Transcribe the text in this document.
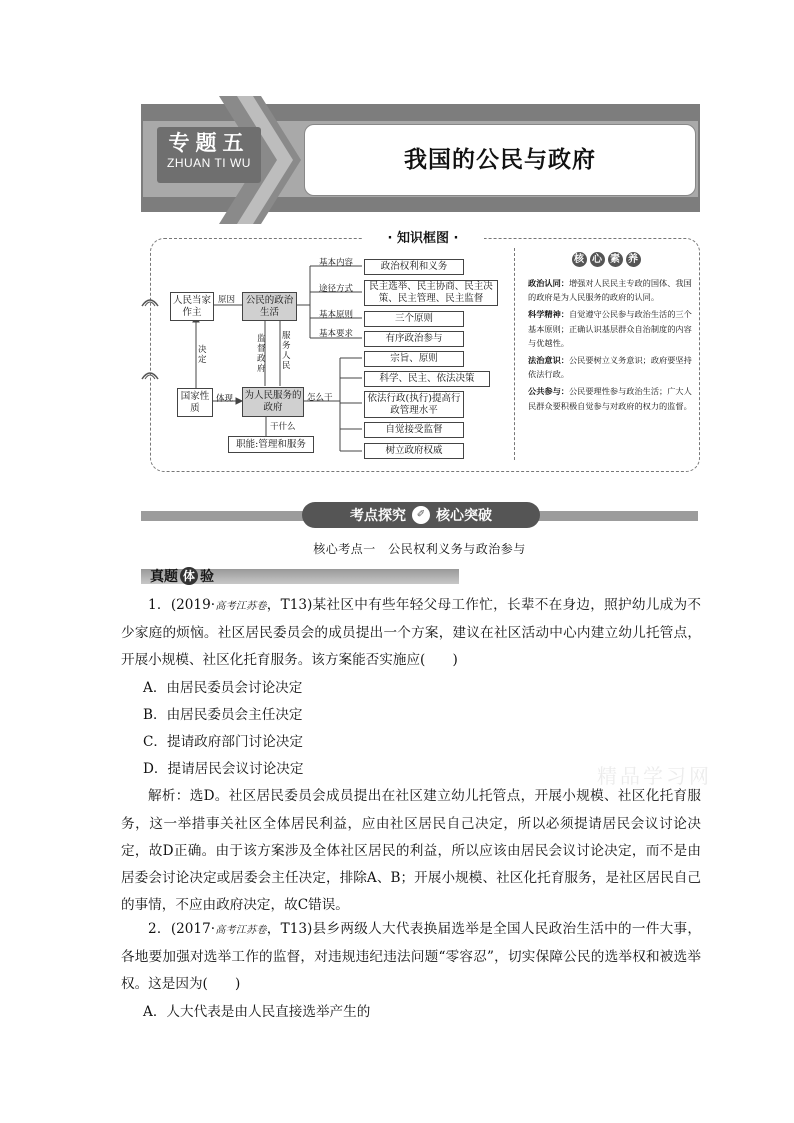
专题五
ZHUAN TI WU	我国的公民与政府
· 知识框图 ·
人民当家作主
公民的政治生活
国家性质
为人民服务的政府
职能:管理和服务
政治权利和义务
民主选举、民主协商、民主决策、民主管理、民主监督
三个原则
有序政治参与
宗旨、原则
科学、民主、依法决策
依法行政(执行)提高行政管理水平
自觉接受监督
树立政府权威
原因
决定
体现
监督政府
服务人民
基本内容
途径方式
基本原则
基本要求
怎么干
干什么
核 心 素 养

政治认同：增强对人民民主专政的国体、我国的政府是为人民服务的政府的认同。

科学精神：自觉遵守公民参与政治生活的三个基本原则；正确认识基层群众自治制度的内容与优越性。

法治意识：公民要树立义务意识；政府要坚持依法行政。

公共参与：公民要理性参与政治生活；广大人民群众要积极自觉参与对政府的权力的监督。

考点探究	✐ 核心突破
核心考点一　公民权利义务与政治参与
真题 体 验

1．(2019·高考江苏卷，T13)某社区中有些年轻父母工作忙，长辈不在身边，照护幼儿成为不少家庭的烦恼。社区居民委员会的成员提出一个方案，建议在社区活动中心内建立幼儿托管点，开展小规模、社区化托育服务。该方案能否实施应(　　)

A．由居民委员会讨论决定

B．由居民委员会主任决定

C．提请政府部门讨论决定

D．提请居民会议讨论决定

解析：选D。社区居民委员会成员提出在社区建立幼儿托管点，开展小规模、社区化托育服务，这一举措事关社区全体居民利益，应由社区居民自己决定，所以必须提请居民会议讨论决定，故D正确。由于该方案涉及全体社区居民的利益，所以应该由居民会议讨论决定，而不是由居委会讨论决定或居委会主任决定，排除A、B；开展小规模、社区化托育服务，是社区居民自己的事情，不应由政府决定，故C错误。

2．(2017·高考江苏卷，T13)县乡两级人大代表换届选举是全国人民政治生活中的一件大事，各地要加强对选举工作的监督，对违规违纪违法问题“零容忍”，切实保障公民的选举权和被选举权。这是因为(　　)

A．人大代表是由人民直接选举产生的

精品学习网
